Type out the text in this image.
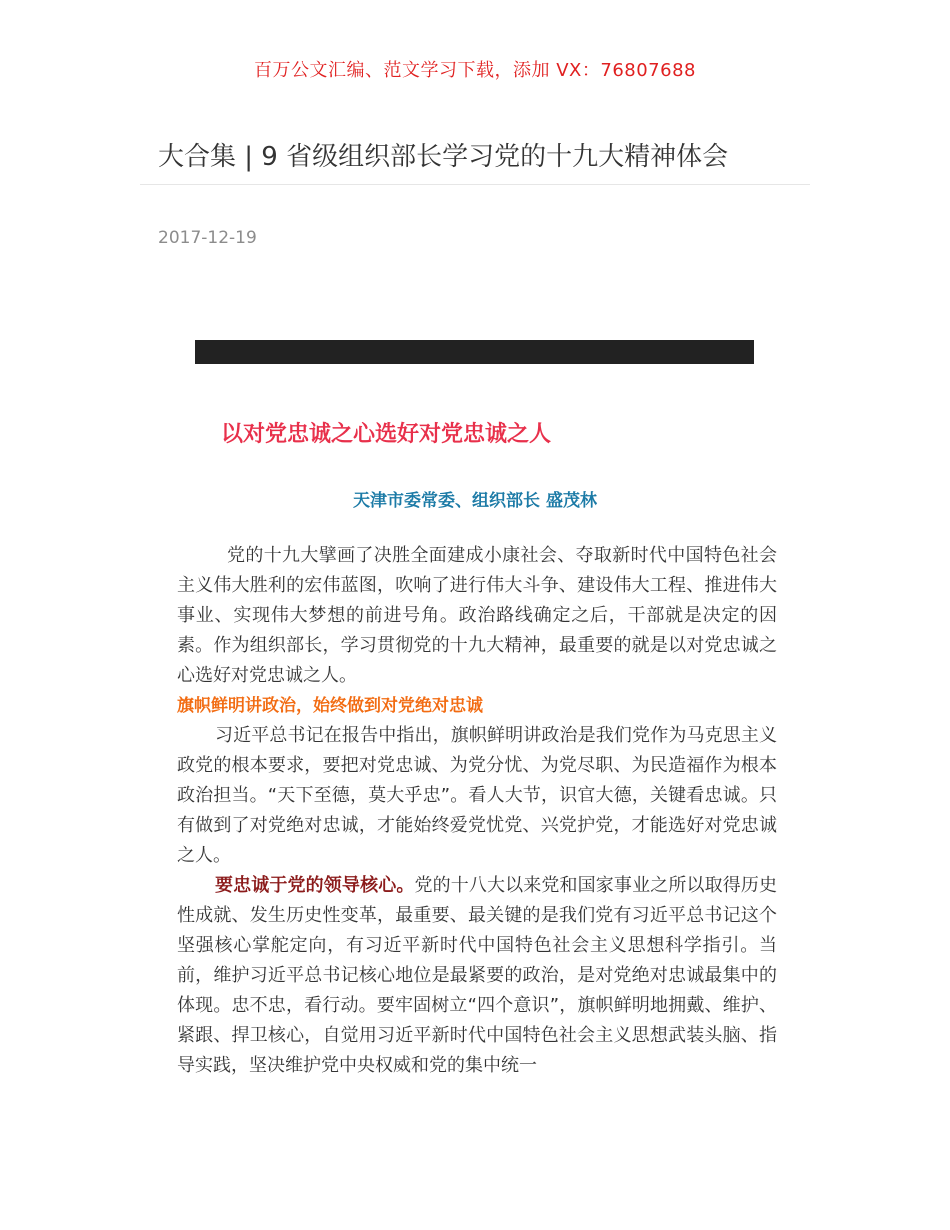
百万公文汇编、范文学习下载，添加 VX：76807688
大合集 | 9 省级组织部长学习党的十九大精神体会
2017-12-19
以对党忠诚之心选好对党忠诚之人
天津市委常委、组织部长 盛茂林

党的十九大擘画了决胜全面建成小康社会、夺取新时代中国特色社会主义伟大胜利的宏伟蓝图，吹响了进行伟大斗争、建设伟大工程、推进伟大事业、实现伟大梦想的前进号角。政治路线确定之后，干部就是决定的因素。作为组织部长，学习贯彻党的十九大精神，最重要的就是以对党忠诚之心选好对党忠诚之人。

旗帜鲜明讲政治，始终做到对党绝对忠诚

习近平总书记在报告中指出，旗帜鲜明讲政治是我们党作为马克思主义政党的根本要求，要把对党忠诚、为党分忧、为党尽职、为民造福作为根本政治担当。“天下至德，莫大乎忠”。看人大节，识官大德，关键看忠诚。只有做到了对党绝对忠诚，才能始终爱党忧党、兴党护党，才能选好对党忠诚之人。

要忠诚于党的领导核心。党的十八大以来党和国家事业之所以取得历史性成就、发生历史性变革，最重要、最关键的是我们党有习近平总书记这个坚强核心掌舵定向，有习近平新时代中国特色社会主义思想科学指引。当前，维护习近平总书记核心地位是最紧要的政治，是对党绝对忠诚最集中的体现。忠不忠，看行动。要牢固树立“四个意识”，旗帜鲜明地拥戴、维护、紧跟、捍卫核心，自觉用习近平新时代中国特色社会主义思想武装头脑、指导实践，坚决维护党中央权威和党的集中统一
